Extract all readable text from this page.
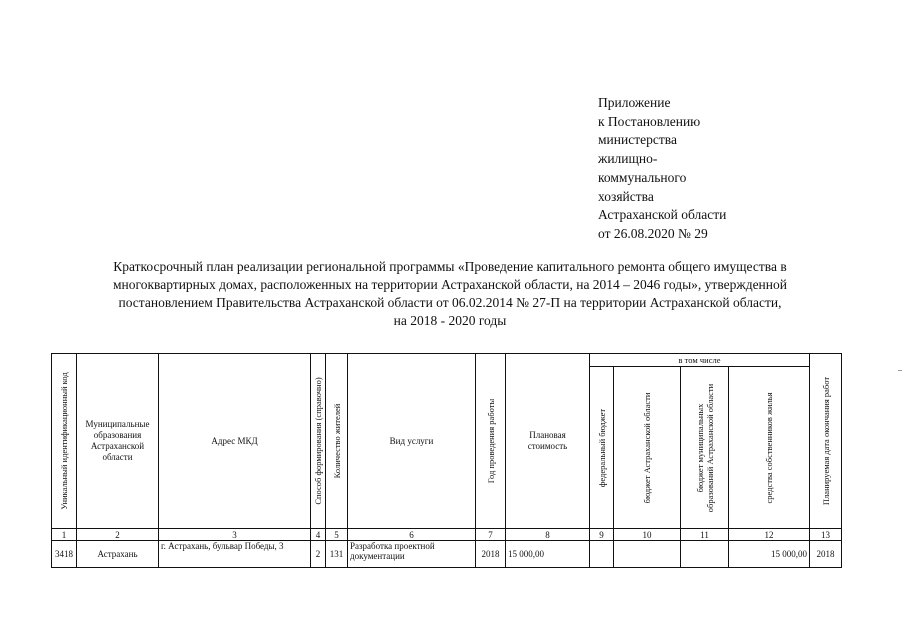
Приложение
к Постановлению
министерства
жилищно-
коммунального
хозяйства
Астраханской области
от 26.08.2020 № 29
Краткосрочный план реализации региональной программы «Проведение капитального ремонта общего имущества в
многоквартирных домах, расположенных на территории Астраханской области, на 2014 – 2046 годы», утвержденной
постановлением Правительства Астраханской области от 06.02.2014 № 27-П на территории Астраханской области,
на 2018 - 2020 годы
Уникальный идентификационный код	Муниципальные образования Астраханской области	Адрес МКД	Способ формирования (справочно)	Количество жителей	Вид услуги	Год проведения работы	Плановая стоимость	в том числе				Планируемая дата окончания работ

								федеральный бюджет	бюджет Астраханской области	бюджет муниципальных образований Астраханской области	средства собственников жилья	

1	2	3	4	5	6	7	8	9	10	11	12	13
3418	Астрахань	г. Астрахань, бульвар Победы, 3	2	131	Разработка проектной документации	2018	15 000,00				15 000,00	2018
